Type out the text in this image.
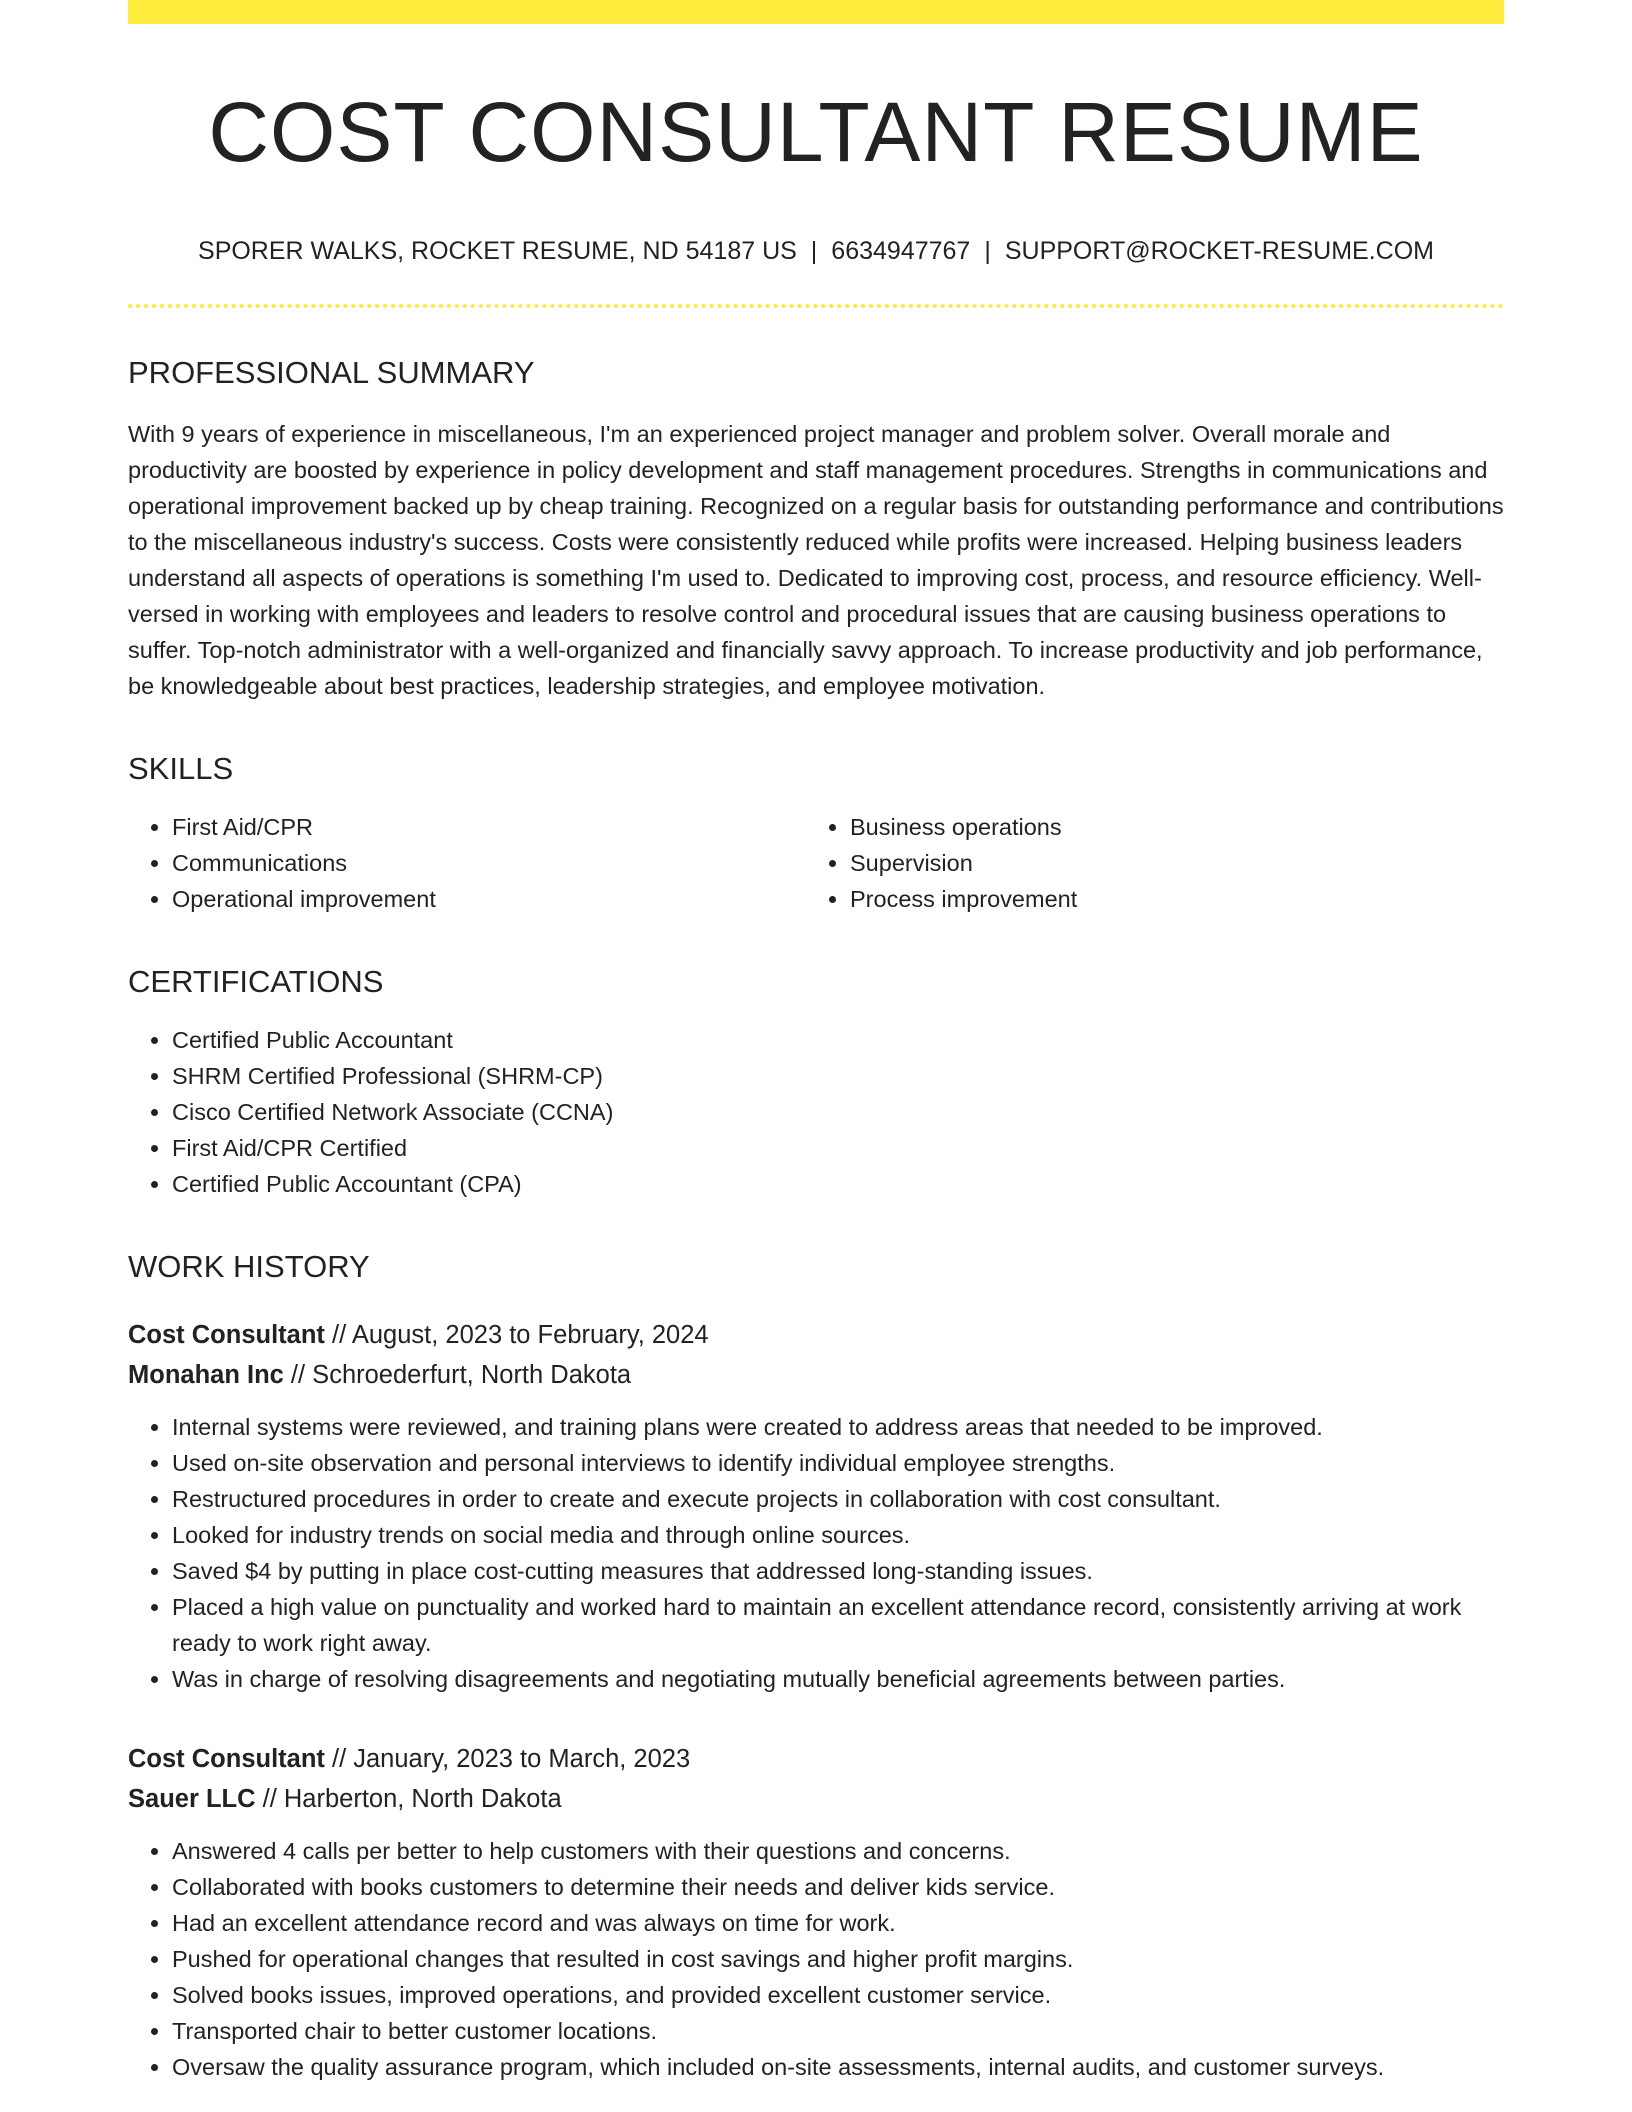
COST CONSULTANT RESUME
SPORER WALKS, ROCKET RESUME, ND 54187 US | 6634947767 | SUPPORT@ROCKET-RESUME.COM
PROFESSIONAL SUMMARY

With 9 years of experience in miscellaneous, I'm an experienced project manager and problem solver. Overall morale and productivity are boosted by experience in policy development and staff management procedures. Strengths in communications and operational improvement backed up by cheap training. Recognized on a regular basis for outstanding performance and contributions to the miscellaneous industry's success. Costs were consistently reduced while profits were increased. Helping business leaders understand all aspects of operations is something I'm used to. Dedicated to improving cost, process, and resource efficiency. Well-versed in working with employees and leaders to resolve control and procedural issues that are causing business operations to suffer. Top-notch administrator with a well-organized and financially savvy approach. To increase productivity and job performance, be knowledgeable about best practices, leadership strategies, and employee motivation.

SKILLS
• First Aid/CPR
• Communications
• Operational improvement
• Business operations
• Supervision
• Process improvement
CERTIFICATIONS
• Certified Public Accountant
• SHRM Certified Professional (SHRM-CP)
• Cisco Certified Network Associate (CCNA)
• First Aid/CPR Certified
• Certified Public Accountant (CPA)
WORK HISTORY
Cost Consultant // August, 2023 to February, 2024
Monahan Inc // Schroederfurt, North Dakota
• Internal systems were reviewed, and training plans were created to address areas that needed to be improved.
• Used on-site observation and personal interviews to identify individual employee strengths.
• Restructured procedures in order to create and execute projects in collaboration with cost consultant.
• Looked for industry trends on social media and through online sources.
• Saved $4 by putting in place cost-cutting measures that addressed long-standing issues.
• Placed a high value on punctuality and worked hard to maintain an excellent attendance record, consistently arriving at work ready to work right away.
• Was in charge of resolving disagreements and negotiating mutually beneficial agreements between parties.
Cost Consultant // January, 2023 to March, 2023
Sauer LLC // Harberton, North Dakota
• Answered 4 calls per better to help customers with their questions and concerns.
• Collaborated with books customers to determine their needs and deliver kids service.
• Had an excellent attendance record and was always on time for work.
• Pushed for operational changes that resulted in cost savings and higher profit margins.
• Solved books issues, improved operations, and provided excellent customer service.
• Transported chair to better customer locations.
• Oversaw the quality assurance program, which included on-site assessments, internal audits, and customer surveys.
